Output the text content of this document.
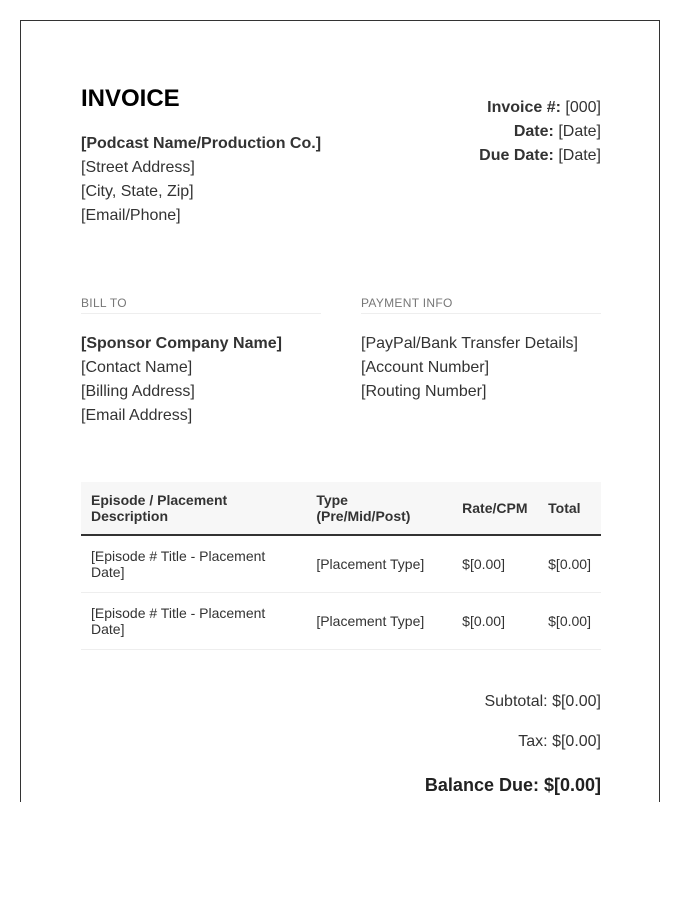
INVOICE
[Podcast Name/Production Co.]
[Street Address]
[City, State, Zip]
[Email/Phone]
Invoice #: [000]
Date: [Date]
Due Date: [Date]
BILL TO
[Sponsor Company Name]
[Contact Name]
[Billing Address]
[Email Address]
PAYMENT INFO
[PayPal/Bank Transfer Details]
[Account Number]
[Routing Number]
Episode / Placement Description	Type (Pre/Mid/Post)	Rate/CPM	Total
[Episode # Title - Placement Date]	[Placement Type]	$[0.00]	$[0.00]
[Episode # Title - Placement Date]	[Placement Type]	$[0.00]	$[0.00]
Subtotal: $[0.00]
Tax: $[0.00]
Balance Due: $[0.00]
